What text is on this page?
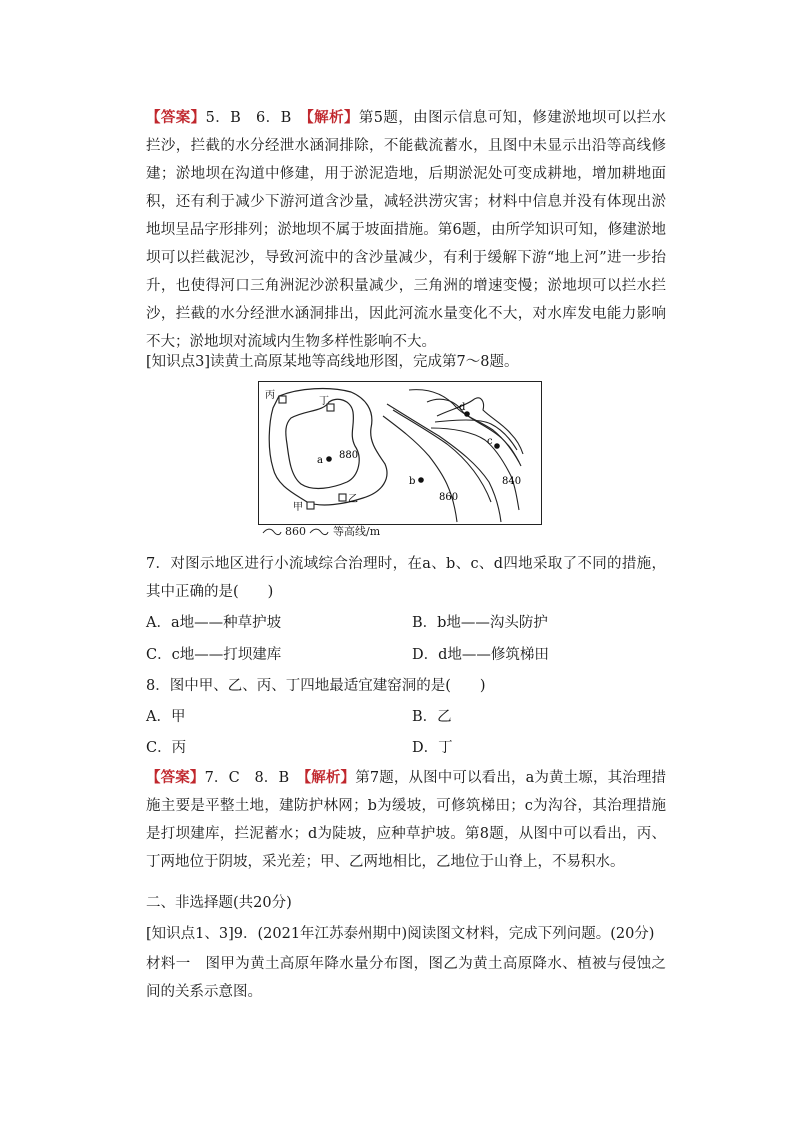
【答案】5．B　6．B　【解析】第5题，由图示信息可知，修建淤地坝可以拦水拦沙，拦截的水分经泄水涵洞排除，不能截流蓄水，且图中未显示出沿等高线修建；淤地坝在沟道中修建，用于淤泥造地，后期淤泥处可变成耕地，增加耕地面积，还有利于减少下游河道含沙量，减轻洪涝灾害；材料中信息并没有体现出淤地坝呈品字形排列；淤地坝不属于坡面措施。第6题，由所学知识可知，修建淤地坝可以拦截泥沙，导致河流中的含沙量减少，有利于缓解下游“地上河”进一步抬升，也使得河口三角洲泥沙淤积量减少，三角洲的增速变慢；淤地坝可以拦水拦沙，拦截的水分经泄水涵洞排出，因此河流水量变化不大，对水库发电能力影响不大；淤地坝对流域内生物多样性影响不大。

[知识点3]读黄土高原某地等高线地形图，完成第7～8题。
丙
丁
乙
甲
a
b
c
d
880
860
840
860 等高线/m

7．对图示地区进行小流域综合治理时，在a、b、c、d四地采取了不同的措施，其中正确的是(　　)

A．a地——种草护坡	B．b地——沟头防护
C．c地——打坝建库	D．d地——修筑梯田
8．图中甲、乙、丙、丁四地最适宜建窑洞的是(　　)
A．甲	B．乙
C．丙	D．丁

【答案】7．C　8．B　【解析】第7题，从图中可以看出，a为黄土塬，其治理措施主要是平整土地，建防护林网；b为缓坡，可修筑梯田；c为沟谷，其治理措施是打坝建库，拦泥蓄水；d为陡坡，应种草护坡。第8题，从图中可以看出，丙、丁两地位于阴坡，采光差；甲、乙两地相比，乙地位于山脊上，不易积水。

二、非选择题(共20分)
[知识点1、3]9．(2021年江苏泰州期中)阅读图文材料，完成下列问题。(20分)

材料一　图甲为黄土高原年降水量分布图，图乙为黄土高原降水、植被与侵蚀之间的关系示意图。
